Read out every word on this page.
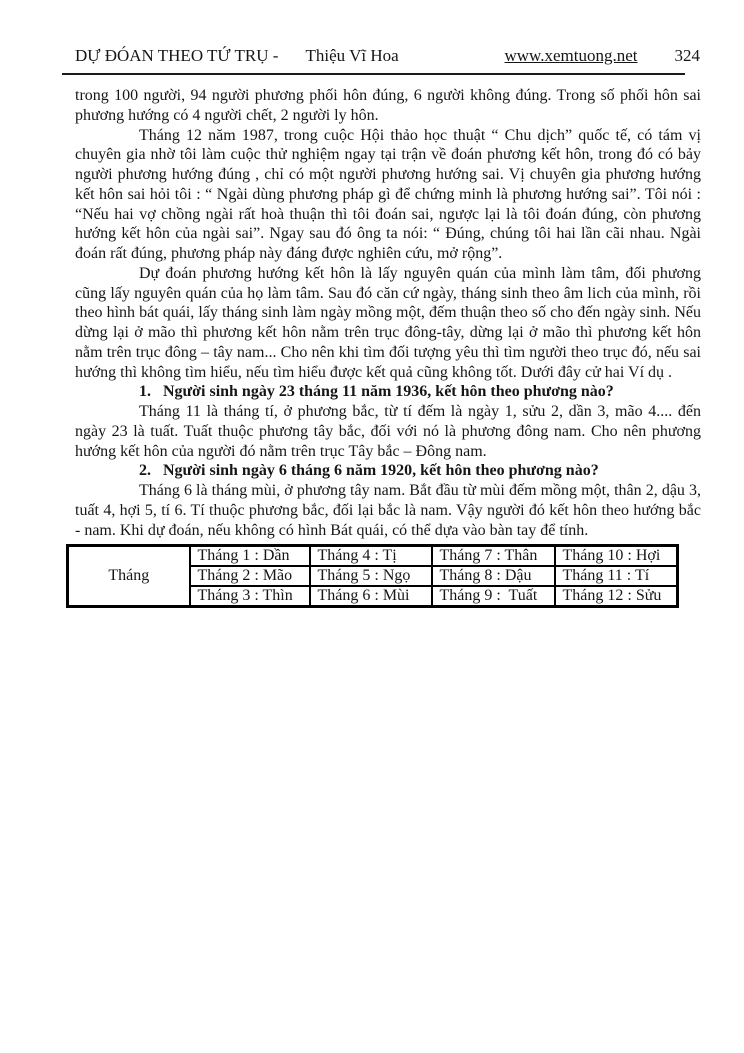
DỰ ĐÓAN THEO TỨ TRỤ - Thiệu Vĩ Hoa	www.xemtuong.net 324

trong 100 người, 94 người phương phối hôn đúng, 6 người không đúng. Trong số phối hôn sai phương hướng có 4 người chết, 2 người ly hôn.

Tháng 12 năm 1987, trong cuộc Hội thảo học thuật “ Chu dịch” quốc tế, có tám vị chuyên gia nhờ tôi làm cuộc thử nghiệm ngay tại trận về đoán phương kết hôn, trong đó có bảy người phương hướng đúng , chỉ có một người phương hướng sai. Vị chuyên gia phương hướng kết hôn sai hỏi tôi : “ Ngài dùng phương pháp gì để chứng minh là phương hướng sai”. Tôi nói : “Nếu hai vợ chồng ngài rất hoà thuận thì tôi đoán sai, ngược lại là tôi đoán đúng, còn phương hướng kết hôn của ngài sai”. Ngay sau đó ông ta nói: “ Đúng, chúng tôi hai lần cãi nhau. Ngài đoán rất đúng, phương pháp này đáng được nghiên cứu, mở rộng”.

Dự đoán phương hướng kết hôn là lấy nguyên quán của mình làm tâm, đối phương cũng lấy nguyên quán của họ làm tâm. Sau đó căn cứ ngày, tháng sinh theo âm lich của mình, rồi theo hình bát quái, lấy tháng sinh làm ngày mồng một, đếm thuận theo số cho đến ngày sinh. Nếu dừng lại ở mão thì phương kết hôn nằm trên trục đông-tây, dừng lại ở mão thì phương kết hôn nằm trên trục đông – tây nam... Cho nên khi tìm đối tượng yêu thì tìm người theo trục đó, nếu sai hướng thì không tìm hiểu, nếu tìm hiểu được kết quả cũng không tốt. Dưới đây cử hai Ví dụ .

1.   Người sinh ngày 23 tháng 11 năm 1936, kết hôn theo phương nào?

Tháng 11 là tháng tí, ở phương bắc, từ tí đếm là ngày 1, sửu 2, dần 3, mão 4.... đến ngày 23 là tuất. Tuất thuộc phương tây bắc, đối với nó là phương đông nam. Cho nên phương hướng kết hôn của người đó nằm trên trục Tây bắc – Đông nam.

2.   Người sinh ngày 6 tháng 6 năm 1920, kết hôn theo phương nào?

Tháng 6 là tháng mùi, ở phương tây nam. Bắt đầu từ mùi đếm mồng một, thân 2, dậu 3, tuất 4, hợi 5, tí 6. Tí thuộc phương bắc, đối lại bắc là nam. Vậy người đó kết hôn theo hướng bắc - nam. Khi dự đoán, nếu không có hình Bát quái, có thể dựa vào bàn tay để tính.

Tháng	Tháng 1 : Dần	Tháng 4 : Tị	Tháng 7 : Thân	Tháng 10 : Hợi
	Tháng 2 : Mão	Tháng 5 : Ngọ	Tháng 8 : Dậu	Tháng 11 : Tí
	Tháng 3 : Thìn	Tháng 6 : Mùi	Tháng 9 :  Tuất	Tháng 12 : Sửu
